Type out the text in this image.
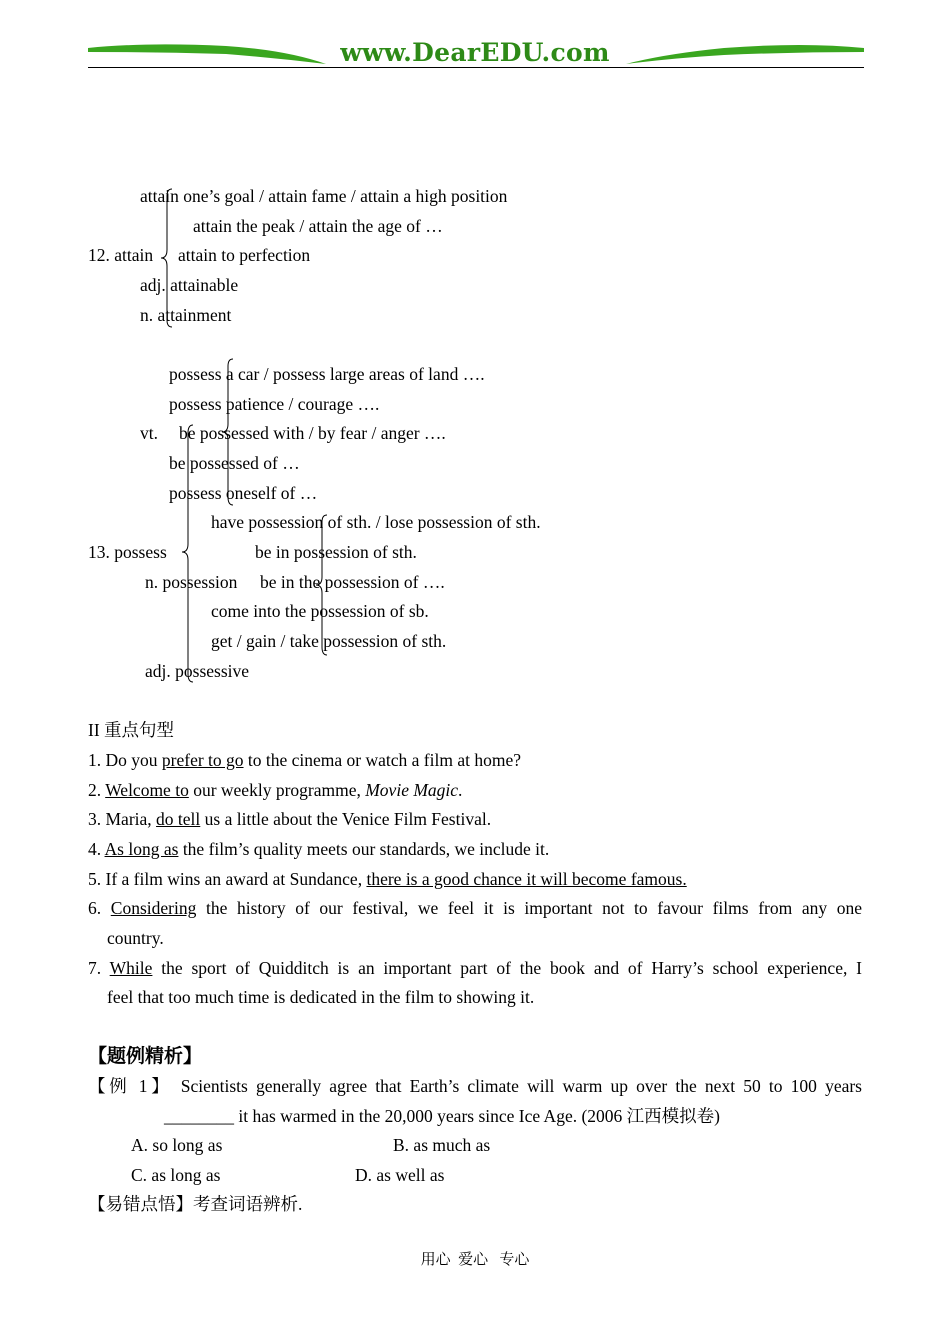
www.DearEDU.com
attain one’s goal / attain fame / attain a high position
attain the peak / attain the age of …
12. attain attain to perfection
adj. attainable
n. attainment
possess a car / possess large areas of land ….
possess patience / courage ….
vt. be possessed with / by fear / anger ….
be possessed of …
possess oneself of …
have possession of sth. / lose possession of sth.
13. possess	be in possession of sth.
n. possession be in the possession of ….
come into the possession of sb.
get / gain / take possession of sth.
adj. possessive
II 重点句型
1. Do you prefer to go to the cinema or watch a film at home?
2. Welcome to our weekly programme, Movie Magic.
3. Maria, do tell us a little about the Venice Film Festival.
4. As long as the film’s quality meets our standards, we include it.
5. If a film wins an award at Sundance, there is a good chance it will become famous.
6. Considering the history of our festival, we feel it is important not to favour films from any one
country.
7. While the sport of Quidditch is an important part of the book and of Harry’s school experience, I
feel that too much time is dedicated in the film to showing it.
【题例精析】
【例 1】 Scientists generally agree that Earth’s climate will warm up over the next 50 to 100 years
________ it has warmed in the 20,000 years since Ice Age. (2006 江西模拟卷)
A. so long as	B. as much as
C. as long as	D. as well as
【易错点悟】考查词语辨析.
用心  爱心   专心
